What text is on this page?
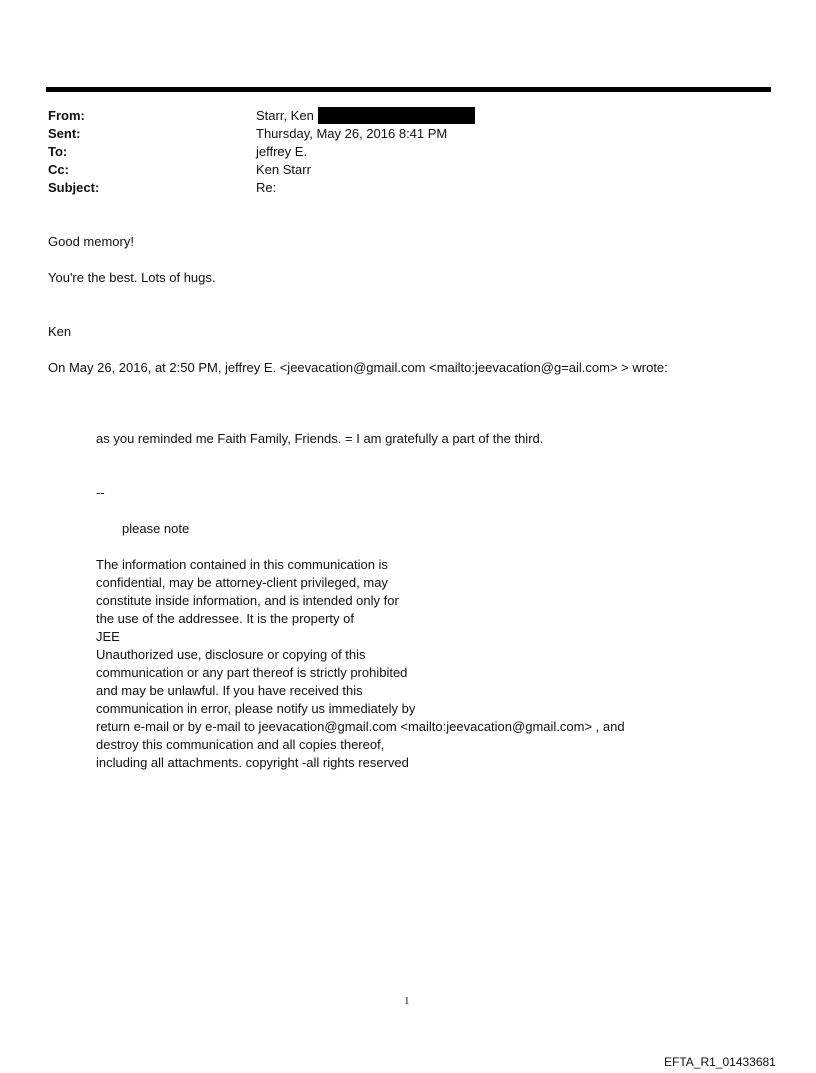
From:	Starr, Ken
Sent:	Thursday, May 26, 2016 8:41 PM
To:	jeffrey E.
Cc:	Ken Starr
Subject:	Re:
Good memory!
You're the best. Lots of hugs.
Ken
On May 26, 2016, at 2:50 PM, jeffrey E. <jeevacation@gmail.com <mailto:jeevacation@g=ail.com> > wrote:
as you reminded me Faith Family, Friends. = I am gratefully a part of the third.
--
please note
The information contained in this communication is
confidential, may be attorney-client privileged, may
constitute inside information, and is intended only for
the use of the addressee. It is the property of
JEE
Unauthorized use, disclosure or copying of this
communication or any part thereof is strictly prohibited
and may be unlawful. If you have received this
communication in error, please notify us immediately by
return e-mail or by e-mail to jeevacation@gmail.com <mailto:jeevacation@gmail.com> , and
destroy this communication and all copies thereof,
including all attachments. copyright -all rights reserved
1
EFTA_R1_01433681
